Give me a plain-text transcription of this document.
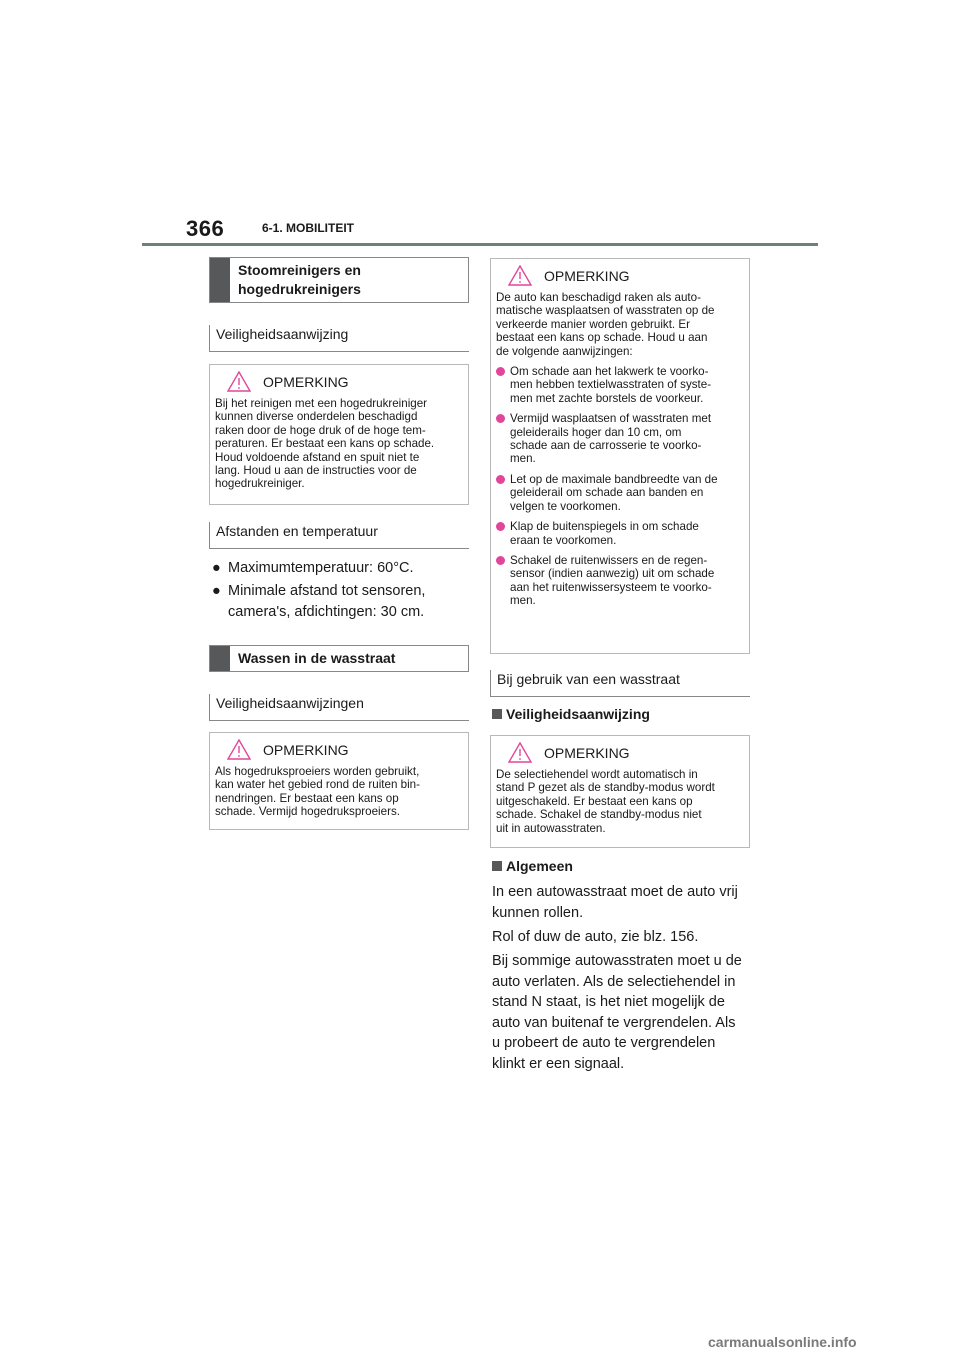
366	6-1. MOBILITEIT
Stoomreinigers en
hogedrukreinigers
Veiligheidsaanwijzing
OPMERKING
Bij het reinigen met een hogedrukreiniger
kunnen diverse onderdelen beschadigd
raken door de hoge druk of de hoge tem-
peraturen. Er bestaat een kans op schade.
Houd voldoende afstand en spuit niet te
lang. Houd u aan de instructies voor de
hogedrukreiniger.
Afstanden en temperatuur
● Maximumtemperatuur: 60°C.
● Minimale afstand tot sensoren,
camera's, afdichtingen: 30 cm.
Wassen in de wasstraat
Veiligheidsaanwijzingen
OPMERKING
Als hogedruksproeiers worden gebruikt,
kan water het gebied rond de ruiten bin-
nendringen. Er bestaat een kans op
schade. Vermijd hogedruksproeiers.
OPMERKING
De auto kan beschadigd raken als auto-
matische wasplaatsen of wasstraten op de
verkeerde manier worden gebruikt. Er
bestaat een kans op schade. Houd u aan
de volgende aanwijzingen:
Om schade aan het lakwerk te voorko-
men hebben textielwasstraten of syste-
men met zachte borstels de voorkeur.
Vermijd wasplaatsen of wasstraten met
geleiderails hoger dan 10 cm, om
schade aan de carrosserie te voorko-
men.
Let op de maximale bandbreedte van de
geleiderail om schade aan banden en
velgen te voorkomen.
Klap de buitenspiegels in om schade
eraan te voorkomen.
Schakel de ruitenwissers en de regen-
sensor (indien aanwezig) uit om schade
aan het ruitenwissersysteem te voorko-
men.
Bij gebruik van een wasstraat
Veiligheidsaanwijzing
OPMERKING
De selectiehendel wordt automatisch in
stand P gezet als de standby-modus wordt
uitgeschakeld. Er bestaat een kans op
schade. Schakel de standby-modus niet
uit in autowasstraten.
Algemeen
In een autowasstraat moet de auto vrij
kunnen rollen.
Rol of duw de auto, zie blz. 156.
Bij sommige autowasstraten moet u de
auto verlaten. Als de selectiehendel in
stand N staat, is het niet mogelijk de
auto van buitenaf te vergrendelen. Als
u probeert de auto te vergrendelen
klinkt er een signaal.
carmanualsonline.info
